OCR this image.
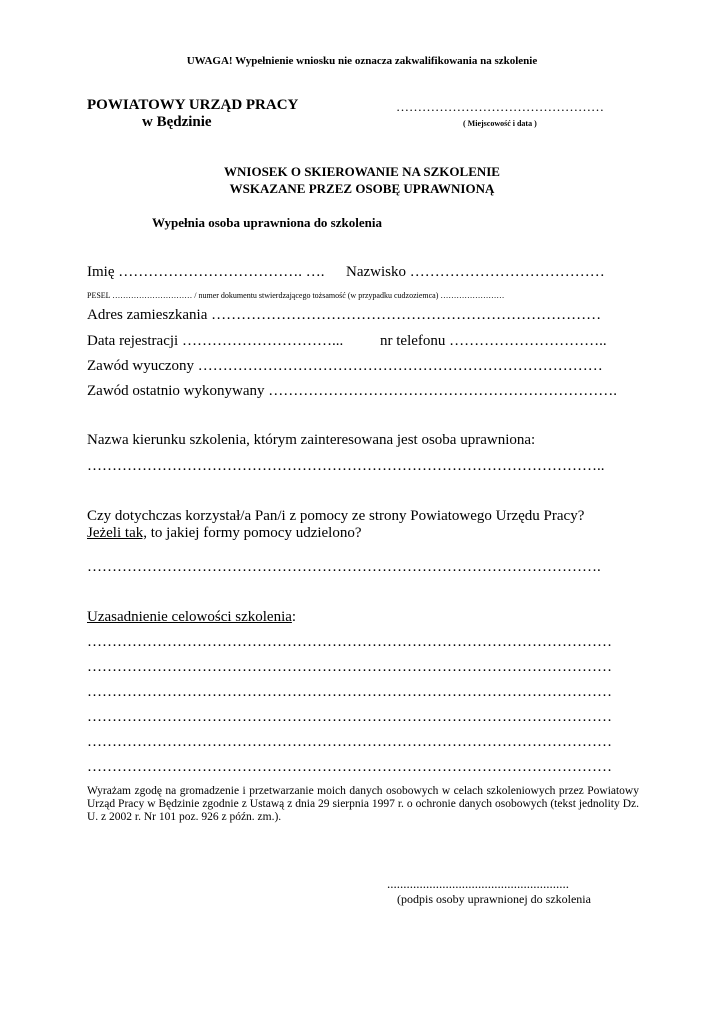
UWAGA! Wypełnienie wniosku nie oznacza zakwalifikowania na szkolenie
POWIATOWY URZĄD PRACY
w Będzinie
…………………………………………
( Miejscowość i data )
WNIOSEK O SKIEROWANIE NA SZKOLENIE
WSKAZANE PRZEZ OSOBĘ UPRAWNIONĄ
Wypełnia osoba uprawniona do szkolenia
Imię ………………………………. …. Nazwisko …………………………………
PESEL ………………………… / numer dokumentu stwierdzającego tożsamość (w przypadku cudzoziemca) ……………………
Adres zamieszkania ……………………………………………………………………
Data rejestracji …………………………... nr telefonu …………………………..
Zawód wyuczony ………………………………………………………………………
Zawód ostatnio wykonywany …………………………………………………………….
Nazwa kierunku szkolenia, którym zainteresowana jest osoba uprawniona:
…………………………………………………………………………………………..
Czy dotychczas korzystał/a Pan/i z pomocy ze strony Powiatowego Urzędu Pracy?
Jeżeli tak, to jakiej formy pomocy udzielono?
………………………………………………………………………………………….
Uzasadnienie celowości szkolenia:
……………………………………………………………………………………………
……………………………………………………………………………………………
……………………………………………………………………………………………
……………………………………………………………………………………………
……………………………………………………………………………………………
……………………………………………………………………………………………
Wyrażam zgodę na gromadzenie i przetwarzanie moich danych osobowych w celach szkoleniowych przez Powiatowy Urząd Pracy w Będzinie zgodnie z Ustawą z dnia 29 sierpnia 1997 r. o ochronie danych osobowych (tekst jednolity Dz. U. z 2002 r. Nr 101 poz. 926 z późn. zm.).
........................................................
(podpis osoby uprawnionej do szkolenia
